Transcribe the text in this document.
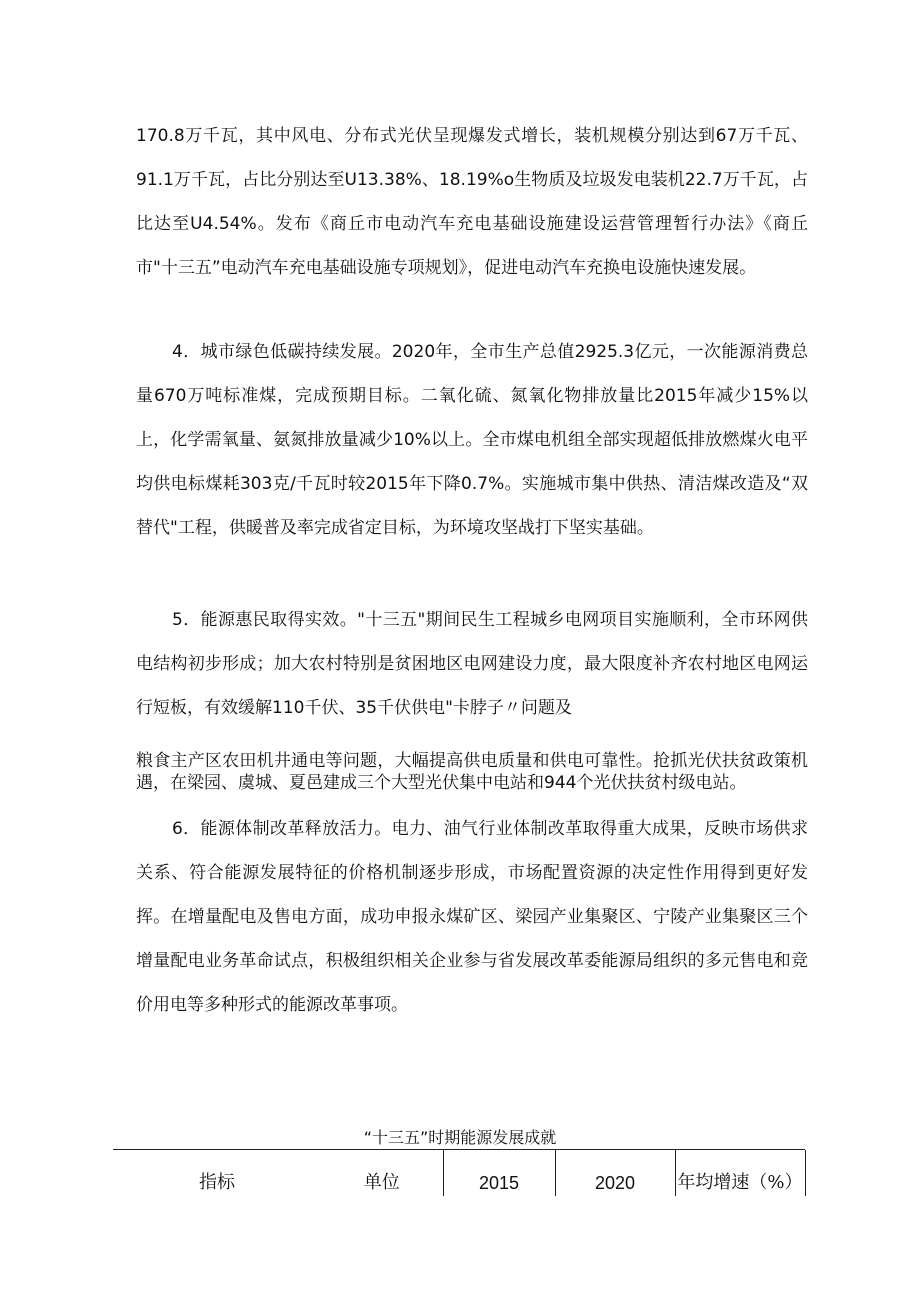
170.8万千瓦，其中风电、分布式光伏呈现爆发式增长，装机规模分别达到67万千瓦、91.1万千瓦，占比分别达至U13.38%、18.19%o生物质及垃圾发电装机22.7万千瓦，占比达至U4.54%。发布《商丘市电动汽车充电基础设施建设运营管理暂行办法》《商丘市"十三五”电动汽车充电基础设施专项规划》，促进电动汽车充换电设施快速发展。

4．城市绿色低碳持续发展。2020年，全市生产总值2925.3亿元，一次能源消费总量670万吨标准煤，完成预期目标。二氧化硫、氮氧化物排放量比2015年减少15%以上，化学需氧量、氨氮排放量减少10%以上。全市煤电机组全部实现超低排放燃煤火电平均供电标煤耗303克/千瓦时较2015年下降0.7%。实施城市集中供热、清洁煤改造及“双替代"工程，供暖普及率完成省定目标，为环境攻坚战打下坚实基础。

5．能源惠民取得实效。"十三五"期间民生工程城乡电网项目实施顺利，全市环网供电结构初步形成；加大农村特别是贫困地区电网建设力度，最大限度补齐农村地区电网运行短板，有效缓解110千伏、35千伏供电"卡脖子〃问题及

粮食主产区农田机井通电等问题，大幅提高供电质量和供电可靠性。抢抓光伏扶贫政策机遇，在梁园、虞城、夏邑建成三个大型光伏集中电站和944个光伏扶贫村级电站。

6．能源体制改革释放活力。电力、油气行业体制改革取得重大成果，反映市场供求关系、符合能源发展特征的价格机制逐步形成，市场配置资源的决定性作用得到更好发挥。在增量配电及售电方面，成功申报永煤矿区、梁园产业集聚区、宁陵产业集聚区三个增量配电业务革命试点，积极组织相关企业参与省发展改革委能源局组织的多元售电和竞价用电等多种形式的能源改革事项。

“十三五”时期能源发展成就

指标	单位	2015	2020	年均增速（%）
